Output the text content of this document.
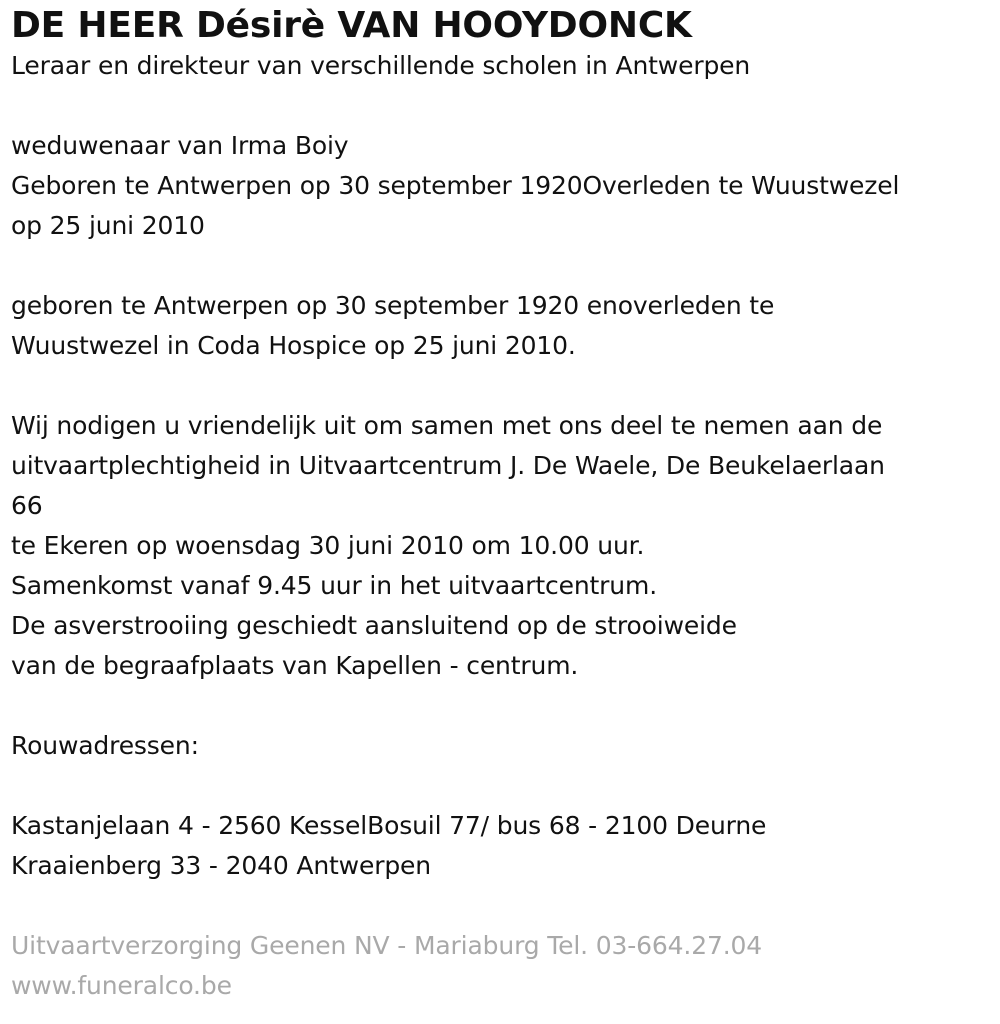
DE HEER Désirè VAN HOOYDONCK
Leraar en direkteur van verschillende scholen in Antwerpen
weduwenaar van Irma Boiy
Geboren te Antwerpen op 30 september 1920Overleden te Wuustwezel
op 25 juni 2010
geboren te Antwerpen op 30 september 1920 enoverleden te
Wuustwezel in Coda Hospice op 25 juni 2010.
Wij nodigen u vriendelijk uit om samen met ons deel te nemen aan de
uitvaartplechtigheid in Uitvaartcentrum J. De Waele, De Beukelaerlaan
66
te Ekeren op woensdag 30 juni 2010 om 10.00 uur.
Samenkomst vanaf 9.45 uur in het uitvaartcentrum.
De asverstrooiing geschiedt aansluitend op de strooiweide
van de begraafplaats van Kapellen - centrum.
Rouwadressen:
Kastanjelaan 4 - 2560 KesselBosuil 77/ bus 68 - 2100 Deurne
Kraaienberg 33 - 2040 Antwerpen
Uitvaartverzorging Geenen NV - Mariaburg Tel. 03-664.27.04
www.funeralco.be
